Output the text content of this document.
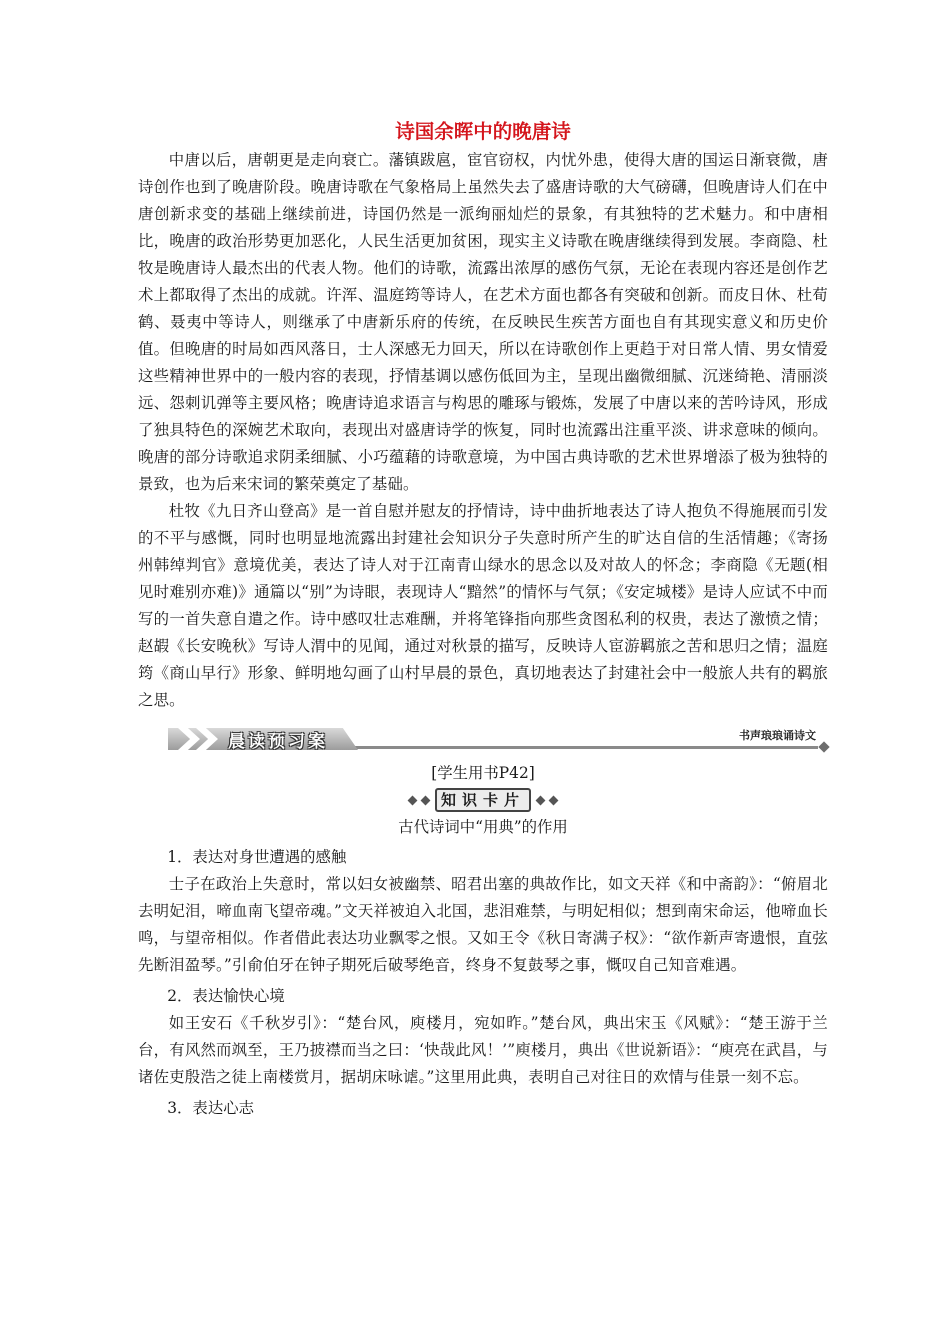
诗国余晖中的晚唐诗

中唐以后，唐朝更是走向衰亡。藩镇跋扈，宦官窃权，内忧外患，使得大唐的国运日渐衰微，唐诗创作也到了晚唐阶段。晚唐诗歌在气象格局上虽然失去了盛唐诗歌的大气磅礴，但晚唐诗人们在中唐创新求变的基础上继续前进，诗国仍然是一派绚丽灿烂的景象，有其独特的艺术魅力。和中唐相比，晚唐的政治形势更加恶化，人民生活更加贫困，现实主义诗歌在晚唐继续得到发展。李商隐、杜牧是晚唐诗人最杰出的代表人物。他们的诗歌，流露出浓厚的感伤气氛，无论在表现内容还是创作艺术上都取得了杰出的成就。许浑、温庭筠等诗人，在艺术方面也都各有突破和创新。而皮日休、杜荀鹤、聂夷中等诗人，则继承了中唐新乐府的传统，在反映民生疾苦方面也自有其现实意义和历史价值。但晚唐的时局如西风落日，士人深感无力回天，所以在诗歌创作上更趋于对日常人情、男女情爱这些精神世界中的一般内容的表现，抒情基调以感伤低回为主，呈现出幽微细腻、沉迷绮艳、清丽淡远、怨刺讥弹等主要风格；晚唐诗追求语言与构思的雕琢与锻炼，发展了中唐以来的苦吟诗风，形成了独具特色的深婉艺术取向，表现出对盛唐诗学的恢复，同时也流露出注重平淡、讲求意味的倾向。晚唐的部分诗歌追求阴柔细腻、小巧蕴藉的诗歌意境，为中国古典诗歌的艺术世界增添了极为独特的景致，也为后来宋词的繁荣奠定了基础。

杜牧《九日齐山登高》是一首自慰并慰友的抒情诗，诗中曲折地表达了诗人抱负不得施展而引发的不平与感慨，同时也明显地流露出封建社会知识分子失意时所产生的旷达自信的生活情趣；《寄扬州韩绰判官》意境优美，表达了诗人对于江南青山绿水的思念以及对故人的怀念；李商隐《无题(相见时难别亦难)》通篇以“别”为诗眼，表现诗人“黯然”的情怀与气氛；《安定城楼》是诗人应试不中而写的一首失意自遣之作。诗中感叹壮志难酬，并将笔锋指向那些贪图私利的权贵，表达了激愤之情；赵嘏《长安晚秋》写诗人渭中的见闻，通过对秋景的描写，反映诗人宦游羁旅之苦和思归之情；温庭筠《商山早行》形象、鲜明地勾画了山村早晨的景色，真切地表达了封建社会中一般旅人共有的羁旅之思。

晨读预习案	书声琅琅诵诗文

[学生用书P42]

知识卡片

古代诗词中“用典”的作用

1．表达对身世遭遇的感触

士子在政治上失意时，常以妇女被幽禁、昭君出塞的典故作比，如文天祥《和中斋韵》：“俯眉北去明妃泪，啼血南飞望帝魂。”文天祥被迫入北国，悲泪难禁，与明妃相似；想到南宋命运，他啼血长鸣，与望帝相似。作者借此表达功业飘零之恨。又如王令《秋日寄满子权》：“欲作新声寄遗恨，直弦先断泪盈琴。”引俞伯牙在钟子期死后破琴绝音，终身不复鼓琴之事，慨叹自己知音难遇。

2．表达愉快心境

如王安石《千秋岁引》：“楚台风，庾楼月，宛如昨。”楚台风，典出宋玉《风赋》：“楚王游于兰台，有风然而飒至，王乃披襟而当之曰：‘快哉此风！’”庾楼月，典出《世说新语》：“庾亮在武昌，与诸佐吏殷浩之徒上南楼赏月，据胡床咏谑。”这里用此典，表明自己对往日的欢情与佳景一刻不忘。

3．表达心志
